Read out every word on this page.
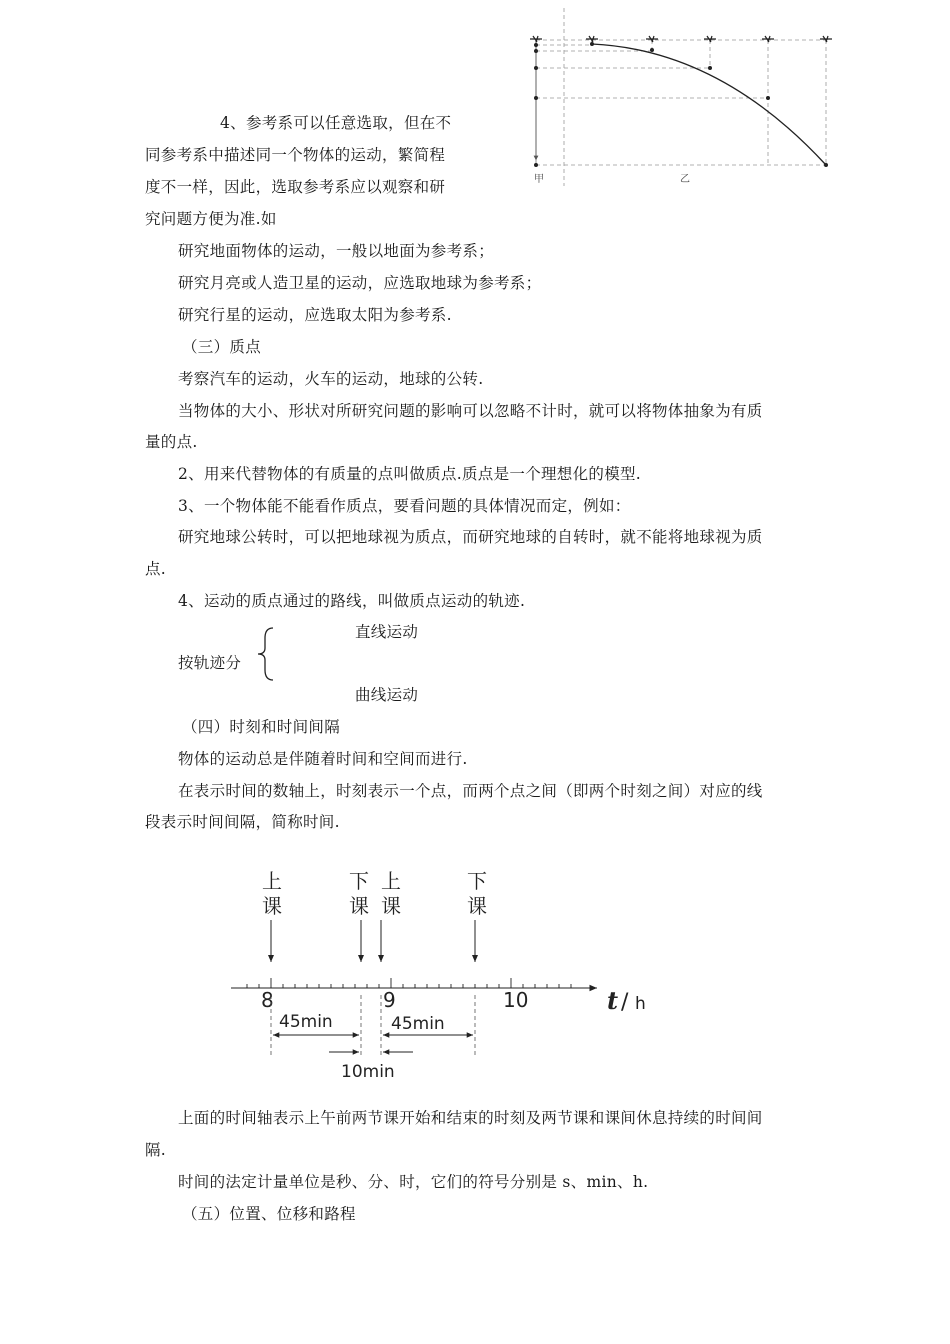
甲	乙
4、参考系可以任意选取，但在不
同参考系中描述同一个物体的运动，繁简程
度不一样，因此，选取参考系应以观察和研
究问题方便为准.如
研究地面物体的运动，一般以地面为参考系；
研究月亮或人造卫星的运动，应选取地球为参考系；
研究行星的运动，应选取太阳为参考系.
（三）质点
考察汽车的运动，火车的运动，地球的公转.
当物体的大小、形状对所研究问题的影响可以忽略不计时，就可以将物体抽象为有质
量的点.
2、用来代替物体的有质量的点叫做质点.质点是一个理想化的模型.
3、一个物体能不能看作质点，要看问题的具体情况而定，例如：
研究地球公转时，可以把地球视为质点，而研究地球的自转时，就不能将地球视为质
点.
4、运动的质点通过的路线，叫做质点运动的轨迹.
直线运动
按轨迹分
曲线运动
（四）时刻和时间间隔
物体的运动总是伴随着时间和空间而进行.
在表示时间的数轴上，时刻表示一个点，而两个点之间（即两个时刻之间）对应的线
段表示时间间隔，简称时间.
上
课
下
课
上
课
下
课
8	9	10	t / h
45min	45min
10min
上面的时间轴表示上午前两节课开始和结束的时刻及两节课和课间休息持续的时间间
隔.
时间的法定计量单位是秒、分、时，它们的符号分别是 s、min、h.
（五）位置、位移和路程
